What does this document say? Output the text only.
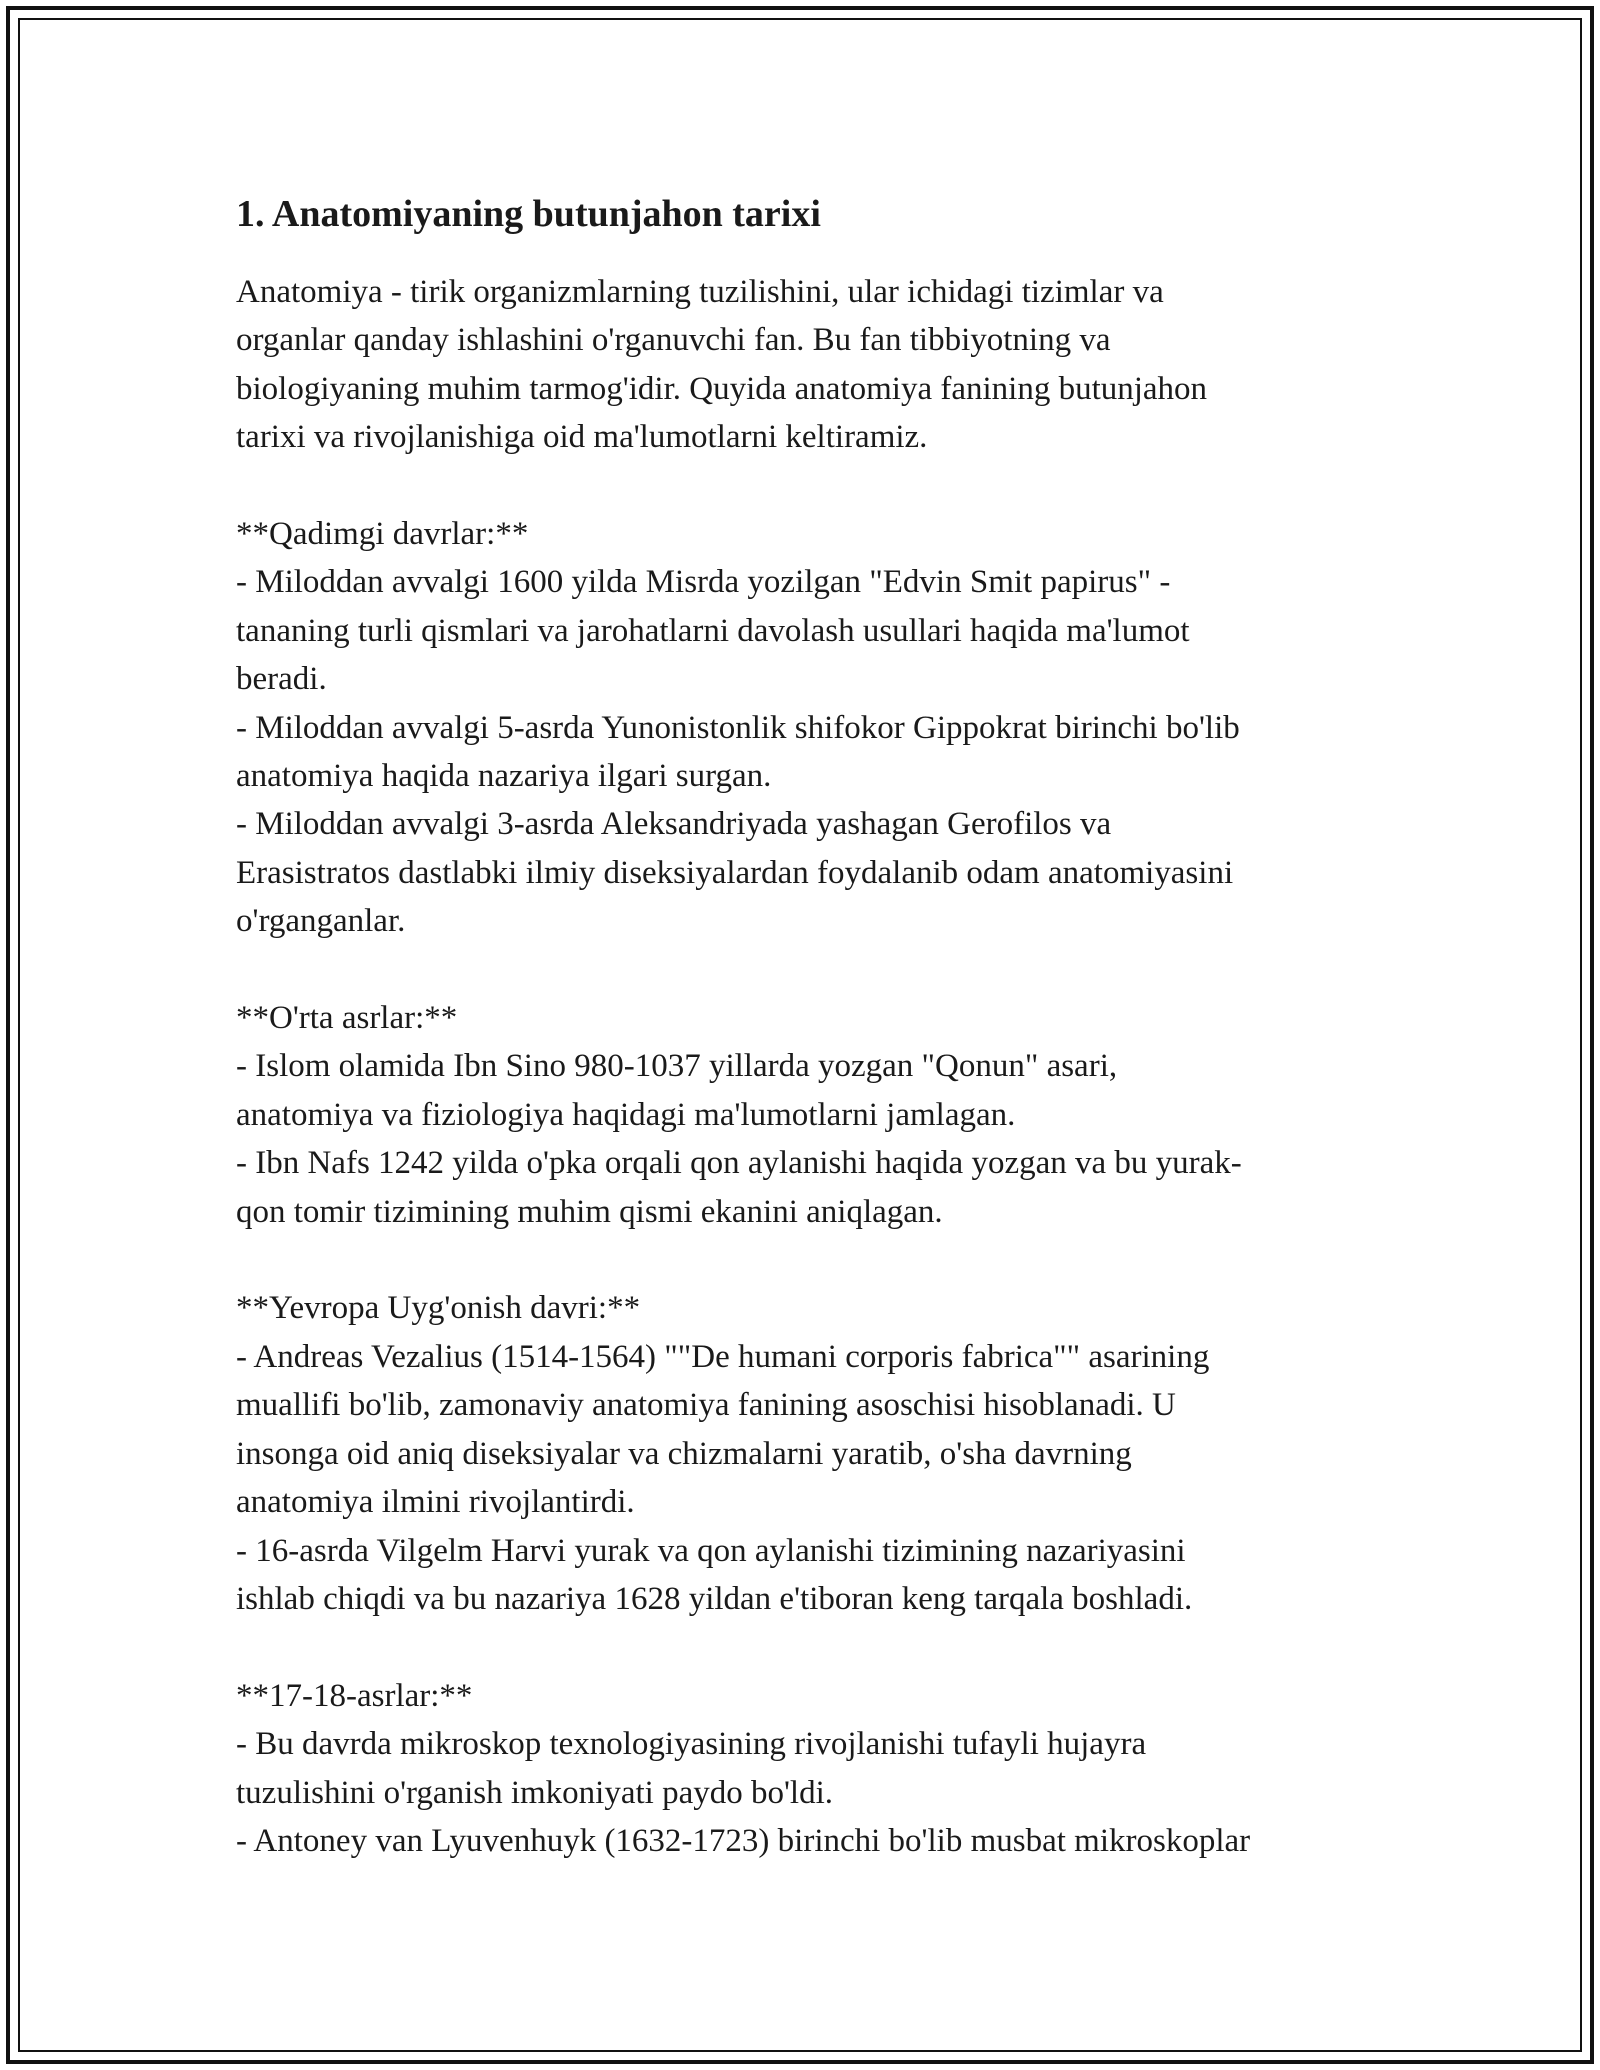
1. Anatomiyaning butunjahon tarixi
Anatomiya - tirik organizmlarning tuzilishini, ular ichidagi tizimlar va
organlar qanday ishlashini o'rganuvchi fan. Bu fan tibbiyotning va
biologiyaning muhim tarmog'idir. Quyida anatomiya fanining butunjahon
tarixi va rivojlanishiga oid ma'lumotlarni keltiramiz.
**Qadimgi davrlar:**
- Miloddan avvalgi 1600 yilda Misrda yozilgan "Edvin Smit papirus" -
tananing turli qismlari va jarohatlarni davolash usullari haqida ma'lumot
beradi.
- Miloddan avvalgi 5-asrda Yunonistonlik shifokor Gippokrat birinchi bo'lib
anatomiya haqida nazariya ilgari surgan.
- Miloddan avvalgi 3-asrda Aleksandriyada yashagan Gerofilos va
Erasistratos dastlabki ilmiy diseksiyalardan foydalanib odam anatomiyasini
o'rganganlar.
**O'rta asrlar:**
- Islom olamida Ibn Sino 980-1037 yillarda yozgan "Qonun" asari,
anatomiya va fiziologiya haqidagi ma'lumotlarni jamlagan.
- Ibn Nafs 1242 yilda o'pka orqali qon aylanishi haqida yozgan va bu yurak-
qon tomir tizimining muhim qismi ekanini aniqlagan.
**Yevropa Uyg'onish davri:**
- Andreas Vezalius (1514-1564) ""De humani corporis fabrica"" asarining
muallifi bo'lib, zamonaviy anatomiya fanining asoschisi hisoblanadi. U
insonga oid aniq diseksiyalar va chizmalarni yaratib, o'sha davrning
anatomiya ilmini rivojlantirdi.
- 16-asrda Vilgelm Harvi yurak va qon aylanishi tizimining nazariyasini
ishlab chiqdi va bu nazariya 1628 yildan e'tiboran keng tarqala boshladi.
**17-18-asrlar:**
- Bu davrda mikroskop texnologiyasining rivojlanishi tufayli hujayra
tuzulishini o'rganish imkoniyati paydo bo'ldi.
- Antoney van Lyuvenhuyk (1632-1723) birinchi bo'lib musbat mikroskoplar
